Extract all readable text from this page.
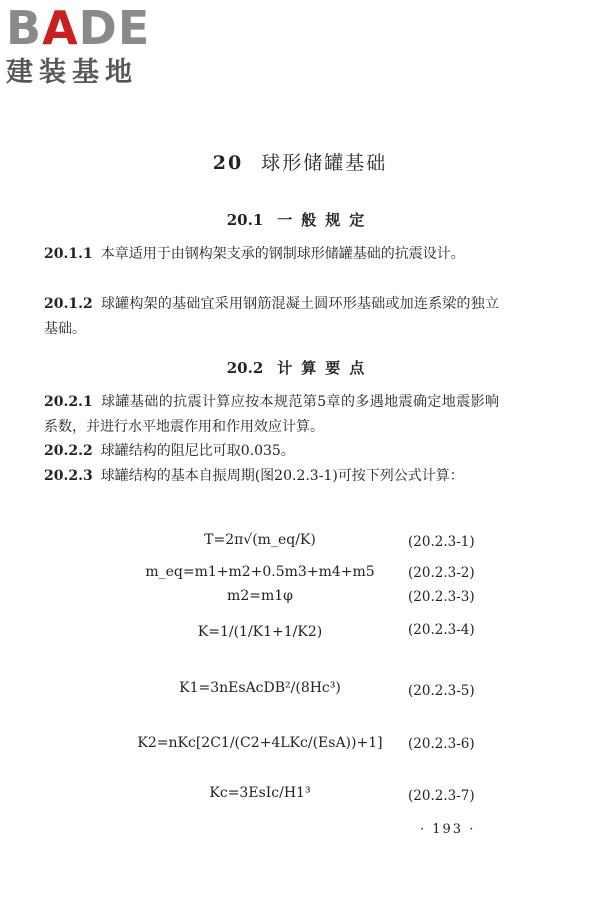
BADE
建装基地
20 球形储罐基础
20.1 一般规定
20.1.1 本章适用于由钢构架支承的钢制球形储罐基础的抗震设计。
20.1.2 球罐构架的基础宜采用钢筋混凝土圆环形基础或加连系梁的独立基础。
20.2 计算要点
20.2.1 球罐基础的抗震计算应按本规范第5章的多遇地震确定地震影响系数，并进行水平地震作用和作用效应计算。
20.2.2 球罐结构的阻尼比可取0.035。
20.2.3 球罐结构的基本自振周期(图20.2.3-1)可按下列公式计算：
T=2π√(m_eq/K)	(20.2.3-1)
m_eq=m1+m2+0.5m3+m4+m5	(20.2.3-2)
m2=m1φ	(20.2.3-3)
K=1/(1/K1+1/K2)	(20.2.3-4)
K1=3nEsAcDB²/(8Hc³)	(20.2.3-5)
K2=nKc[2C1/(C2+4LKc/(EsA))+1]	(20.2.3-6)
Kc=3EsIc/H1³	(20.2.3-7)
· 193 ·
